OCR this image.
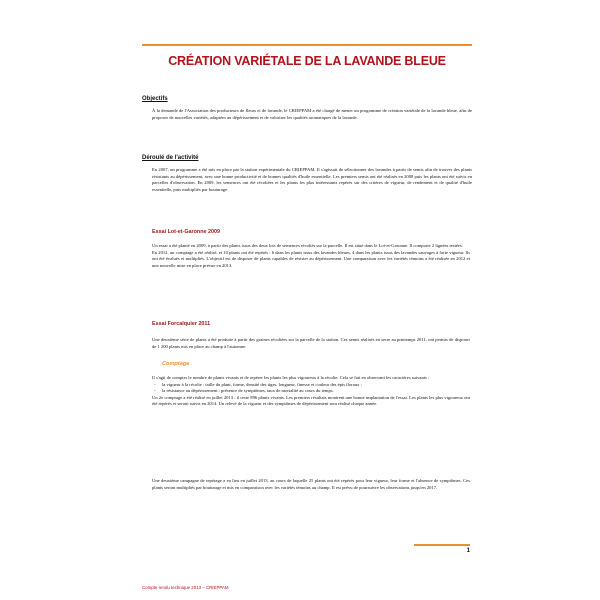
CRÉATION VARIÉTALE DE LA LAVANDE BLEUE
Objectifs

À la demande de l'Association des producteurs de fleurs et de lavande, le CRIEPPAM a été chargé de mener un programme de création variétale de la lavande bleue, afin de proposer de nouvelles variétés, adaptées au dépérissement et de valoriser les qualités aromatiques de la lavande.

Déroulé de l'activité

En 2007, un programme a été mis en place par la station expérimentale du CRIEPPAM. Il s'agissait de sélectionner des lavandes à partir de semis afin de trouver des plants résistants au dépérissement, avec une bonne productivité et de bonnes qualités d'huile essentielle. Les premiers semis ont été réalisés en 2008 puis les plants ont été suivis en parcelles d'observation. En 2009, les semences ont été récoltées et les plants les plus intéressants repérés sur des critères de vigueur, de rendement et de qualité d'huile essentielle, puis multipliés par bouturage.

Essai Lot-et-Garonne 2009

Un essai a été planté en 2009, à partir des plants issus des deux lots de semences récoltés sur la parcelle. Il est situé dans le Lot-et-Garonne. Il comporte 2 lignées testées.

En 2012, un comptage a été réalisé, et 10 plants ont été repérés : 6 dans les plants issus des lavandes bleues, 4 dans les plants issus des lavandes sauvages à forte vigueur. Ils ont été évalués et multipliés. L'objectif est de disposer de plants capables de résister au dépérissement. Une comparaison avec les variétés témoins a été réalisée en 2012 et une nouvelle mise en place prévue en 2013.

Essai Forcalquier 2011

Une deuxième série de plants a été produite à partir des graines récoltées sur la parcelle de la station. Ces semis réalisés en serre au printemps 2011, ont permis de disposer de 1 200 plants mis en place au champ à l'automne.

Comptage

Il s'agit de compter le nombre de plants vivants et de repérer les plants les plus vigoureux à la récolte. Cela se fait en observant les caractères suivants :

- la vigueur à la récolte : taille du plant, forme, densité des tiges, longueur, finesse et couleur des épis floraux ;

- la résistance au dépérissement : présence de symptômes, taux de mortalité au cours du temps.

Un 2e comptage a été réalisé en juillet 2013 : il reste 896 plants vivants. Les premiers résultats montrent une bonne implantation de l'essai. Les plants les plus vigoureux ont été repérés et seront suivis en 2014. Un relevé de la vigueur et des symptômes de dépérissement sera réalisé chaque année.

Une deuxième campagne de repérage a eu lieu en juillet 2013, au cours de laquelle 25 plants ont été repérés pour leur vigueur, leur forme et l'absence de symptômes. Ces plants seront multipliés par bouturage et mis en comparaison avec les variétés témoins au champ. Il est prévu de poursuivre les observations jusqu'en 2017.

1
Compte rendu technique 2013 – CRIEPPAM
